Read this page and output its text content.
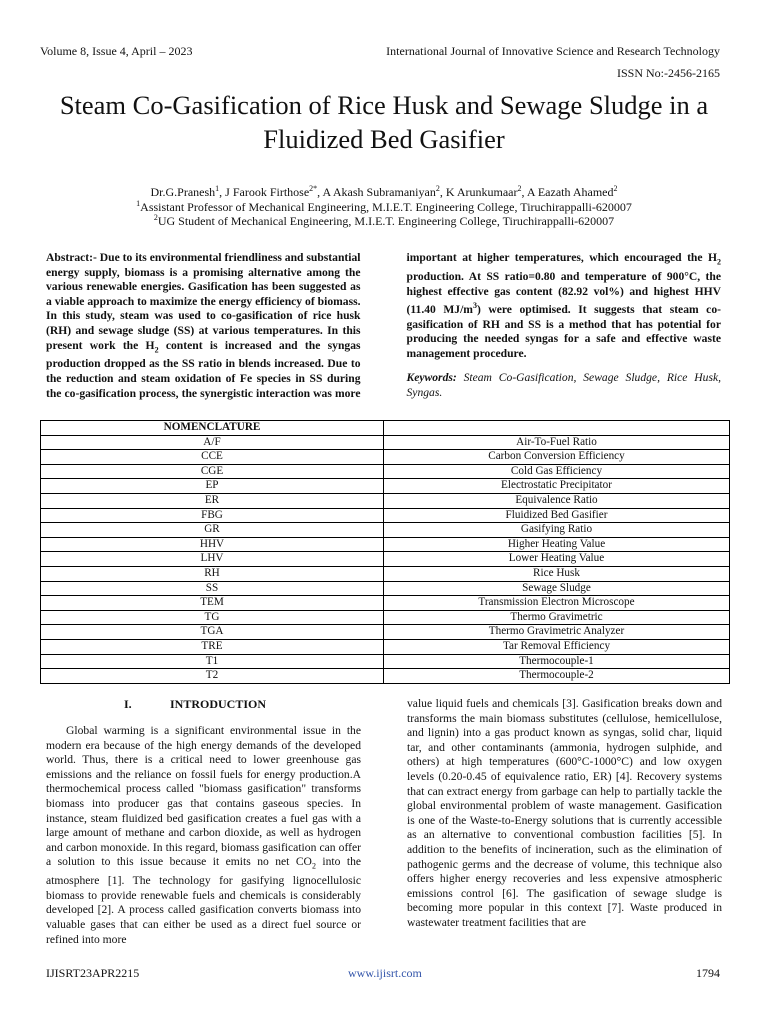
Volume 8, Issue 4, April – 2023	International Journal of Innovative Science and Research Technology
ISSN No:-2456-2165
Steam Co-Gasification of Rice Husk and Sewage Sludge in a Fluidized Bed Gasifier
Dr.G.Pranesh$^1$, J Farook Firthose$^{2*}$, A Akash Subramaniyan$^2$, K Arunkumaar$^2$, A Eazath Ahamed$^2$
$^1$Assistant Professor of Mechanical Engineering, M.I.E.T. Engineering College, Tiruchirappalli-620007
$^2$UG Student of Mechanical Engineering, M.I.E.T. Engineering College, Tiruchirappalli-620007

Abstract:- Due to its environmental friendliness and substantial energy supply, biomass is a promising alternative among the various renewable energies. Gasification has been suggested as a viable approach to maximize the energy efficiency of biomass. In this study, steam was used to co-gasification of rice husk (RH) and sewage sludge (SS) at various temperatures. In this present work the $H_2$ content is increased and the syngas production dropped as the SS ratio in blends increased. Due to the reduction and steam oxidation of Fe species in SS during the co-gasification process, the synergistic interaction was more important at higher temperatures, which encouraged the $H_2$ production. At SS ratio=0.80 and temperature of 900°C, the highest effective gas content (82.92 vol%) and highest HHV (11.40 $MJ/m^3$) were optimised. It suggests that steam co-gasification of RH and SS is a method that has potential for producing the needed syngas for a safe and effective waste management procedure.

Keywords: Steam Co-Gasification, Sewage Sludge, Rice Husk, Syngas.

NOMENCLATURE	
A/F	Air-To-Fuel Ratio
CCE	Carbon Conversion Efficiency
CGE	Cold Gas Efficiency
EP	Electrostatic Precipitator
ER	Equivalence Ratio
FBG	Fluidized Bed Gasifier
GR	Gasifying Ratio
HHV	Higher Heating Value
LHV	Lower Heating Value
RH	Rice Husk
SS	Sewage Sludge
TEM	Transmission Electron Microscope
TG	Thermo Gravimetric
TGA	Thermo Gravimetric Analyzer
TRE	Tar Removal Efficiency
T1	Thermocouple-1
T2	Thermocouple-2
I.	INTRODUCTION

Global warming is a significant environmental issue in the modern era because of the high energy demands of the developed world. Thus, there is a critical need to lower greenhouse gas emissions and the reliance on fossil fuels for energy production.A thermochemical process called "biomass gasification" transforms biomass into producer gas that contains gaseous species. In instance, steam fluidized bed gasification creates a fuel gas with a large amount of methane and carbon dioxide, as well as hydrogen and carbon monoxide. In this regard, biomass gasification can offer a solution to this issue because it emits no net $CO_2$ into the atmosphere [1]. The technology for gasifying lignocellulosic biomass to provide renewable fuels and chemicals is considerably developed [2]. A process called gasification converts biomass into valuable gases that can either be used as a direct fuel source or refined into more

value liquid fuels and chemicals [3]. Gasification breaks down and transforms the main biomass substitutes (cellulose, hemicellulose, and lignin) into a gas product known as syngas, solid char, liquid tar, and other contaminants (ammonia, hydrogen sulphide, and others) at high temperatures (600°C-1000°C) and low oxygen levels (0.20-0.45 of equivalence ratio, ER) [4]. Recovery systems that can extract energy from garbage can help to partially tackle the global environmental problem of waste management. Gasification is one of the Waste-to-Energy solutions that is currently accessible as an alternative to conventional combustion facilities [5]. In addition to the benefits of incineration, such as the elimination of pathogenic germs and the decrease of volume, this technique also offers higher energy recoveries and less expensive atmospheric emissions control [6]. The gasification of sewage sludge is becoming more popular in this context [7]. Waste produced in wastewater treatment facilities that are

IJISRT23APR2215	www.ijisrt.com	1794
